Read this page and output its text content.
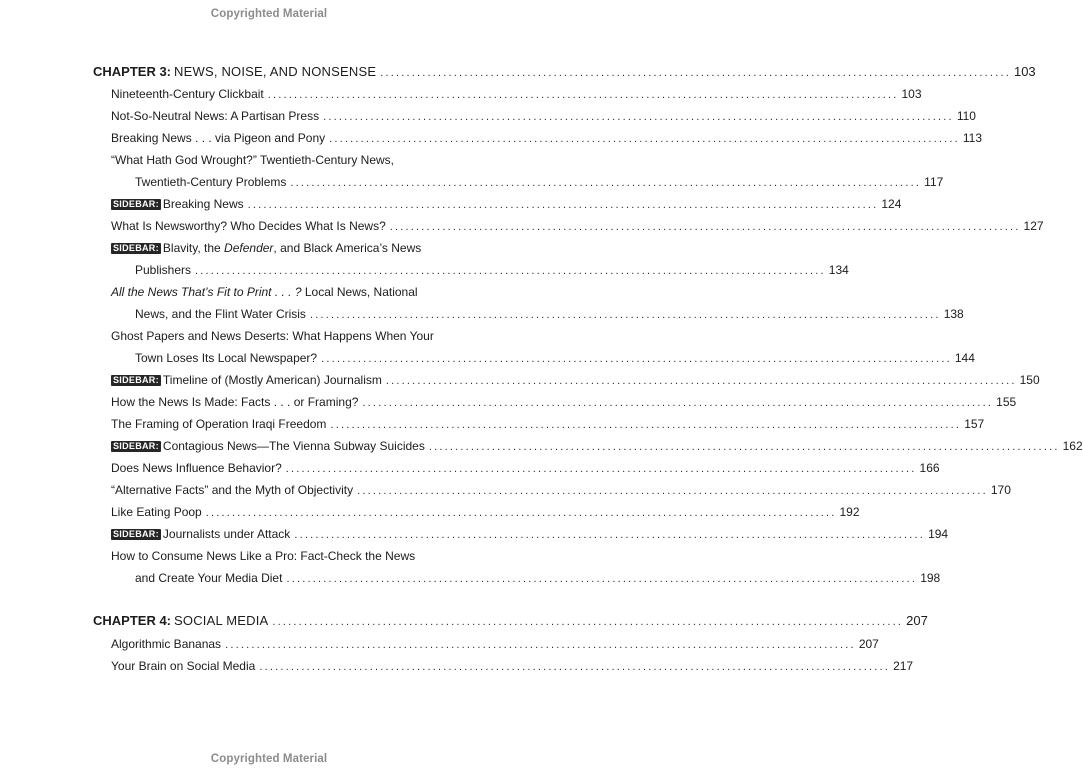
Copyrighted Material
CHAPTER 3: NEWS, NOISE, AND NONSENSE ........................................................................................................................ 103
Nineteenth-Century Clickbait ........................................................................................................................ 103
Not-So-Neutral News: A Partisan Press ........................................................................................................................ 110
Breaking News . . . via Pigeon and Pony ........................................................................................................................ 113
“What Hath God Wrought?” Twentieth-Century News,
Twentieth-Century Problems ........................................................................................................................ 117
SIDEBAR: Breaking News ........................................................................................................................ 124
What Is Newsworthy? Who Decides What Is News? ........................................................................................................................ 127
SIDEBAR: Blavity, the Defender, and Black America’s News
Publishers ........................................................................................................................ 134
All the News That’s Fit to Print . . . ? Local News, National
News, and the Flint Water Crisis ........................................................................................................................ 138
Ghost Papers and News Deserts: What Happens When Your
Town Loses Its Local Newspaper? ........................................................................................................................ 144
SIDEBAR: Timeline of (Mostly American) Journalism ........................................................................................................................ 150
How the News Is Made: Facts . . . or Framing? ........................................................................................................................ 155
The Framing of Operation Iraqi Freedom ........................................................................................................................ 157
SIDEBAR: Contagious News—The Vienna Subway Suicides ........................................................................................................................ 162
Does News Influence Behavior? ........................................................................................................................ 166
“Alternative Facts” and the Myth of Objectivity ........................................................................................................................ 170
Like Eating Poop ........................................................................................................................ 192
SIDEBAR: Journalists under Attack ........................................................................................................................ 194
How to Consume News Like a Pro: Fact-Check the News
and Create Your Media Diet ........................................................................................................................ 198
CHAPTER 4: SOCIAL MEDIA ........................................................................................................................ 207
Algorithmic Bananas ........................................................................................................................ 207
Your Brain on Social Media ........................................................................................................................ 217
Copyrighted Material
